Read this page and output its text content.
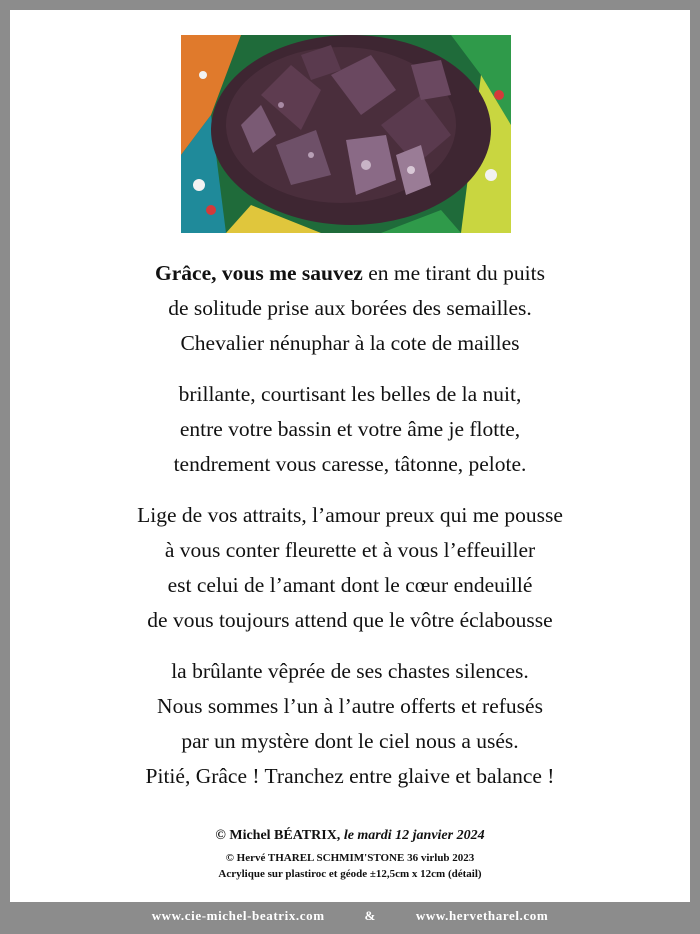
Grâce, vous me sauvez en me tirant du puits
de solitude prise aux borées des semailles.
Chevalier nénuphar à la cote de mailles
brillante, courtisant les belles de la nuit,
entre votre bassin et votre âme je flotte,
tendrement vous caresse, tâtonne, pelote.
Lige de vos attraits, l’amour preux qui me pousse
à vous conter fleurette et à vous l’effeuiller
est celui de l’amant dont le cœur endeuillé
de vous toujours attend que le vôtre éclabousse
la brûlante vêprée de ses chastes silences.
Nous sommes l’un à l’autre offerts et refusés
par un mystère dont le ciel nous a usés.
Pitié, Grâce ! Tranchez entre glaive et balance !
© Michel BÉATRIX, le mardi 12 janvier 2024
© Hervé THAREL SCHMIM'STONE 36 virlub 2023
Acrylique sur plastiroc et géode ±12,5cm x 12cm (détail)
www.cie-michel-beatrix.com	&	www.hervetharel.com
